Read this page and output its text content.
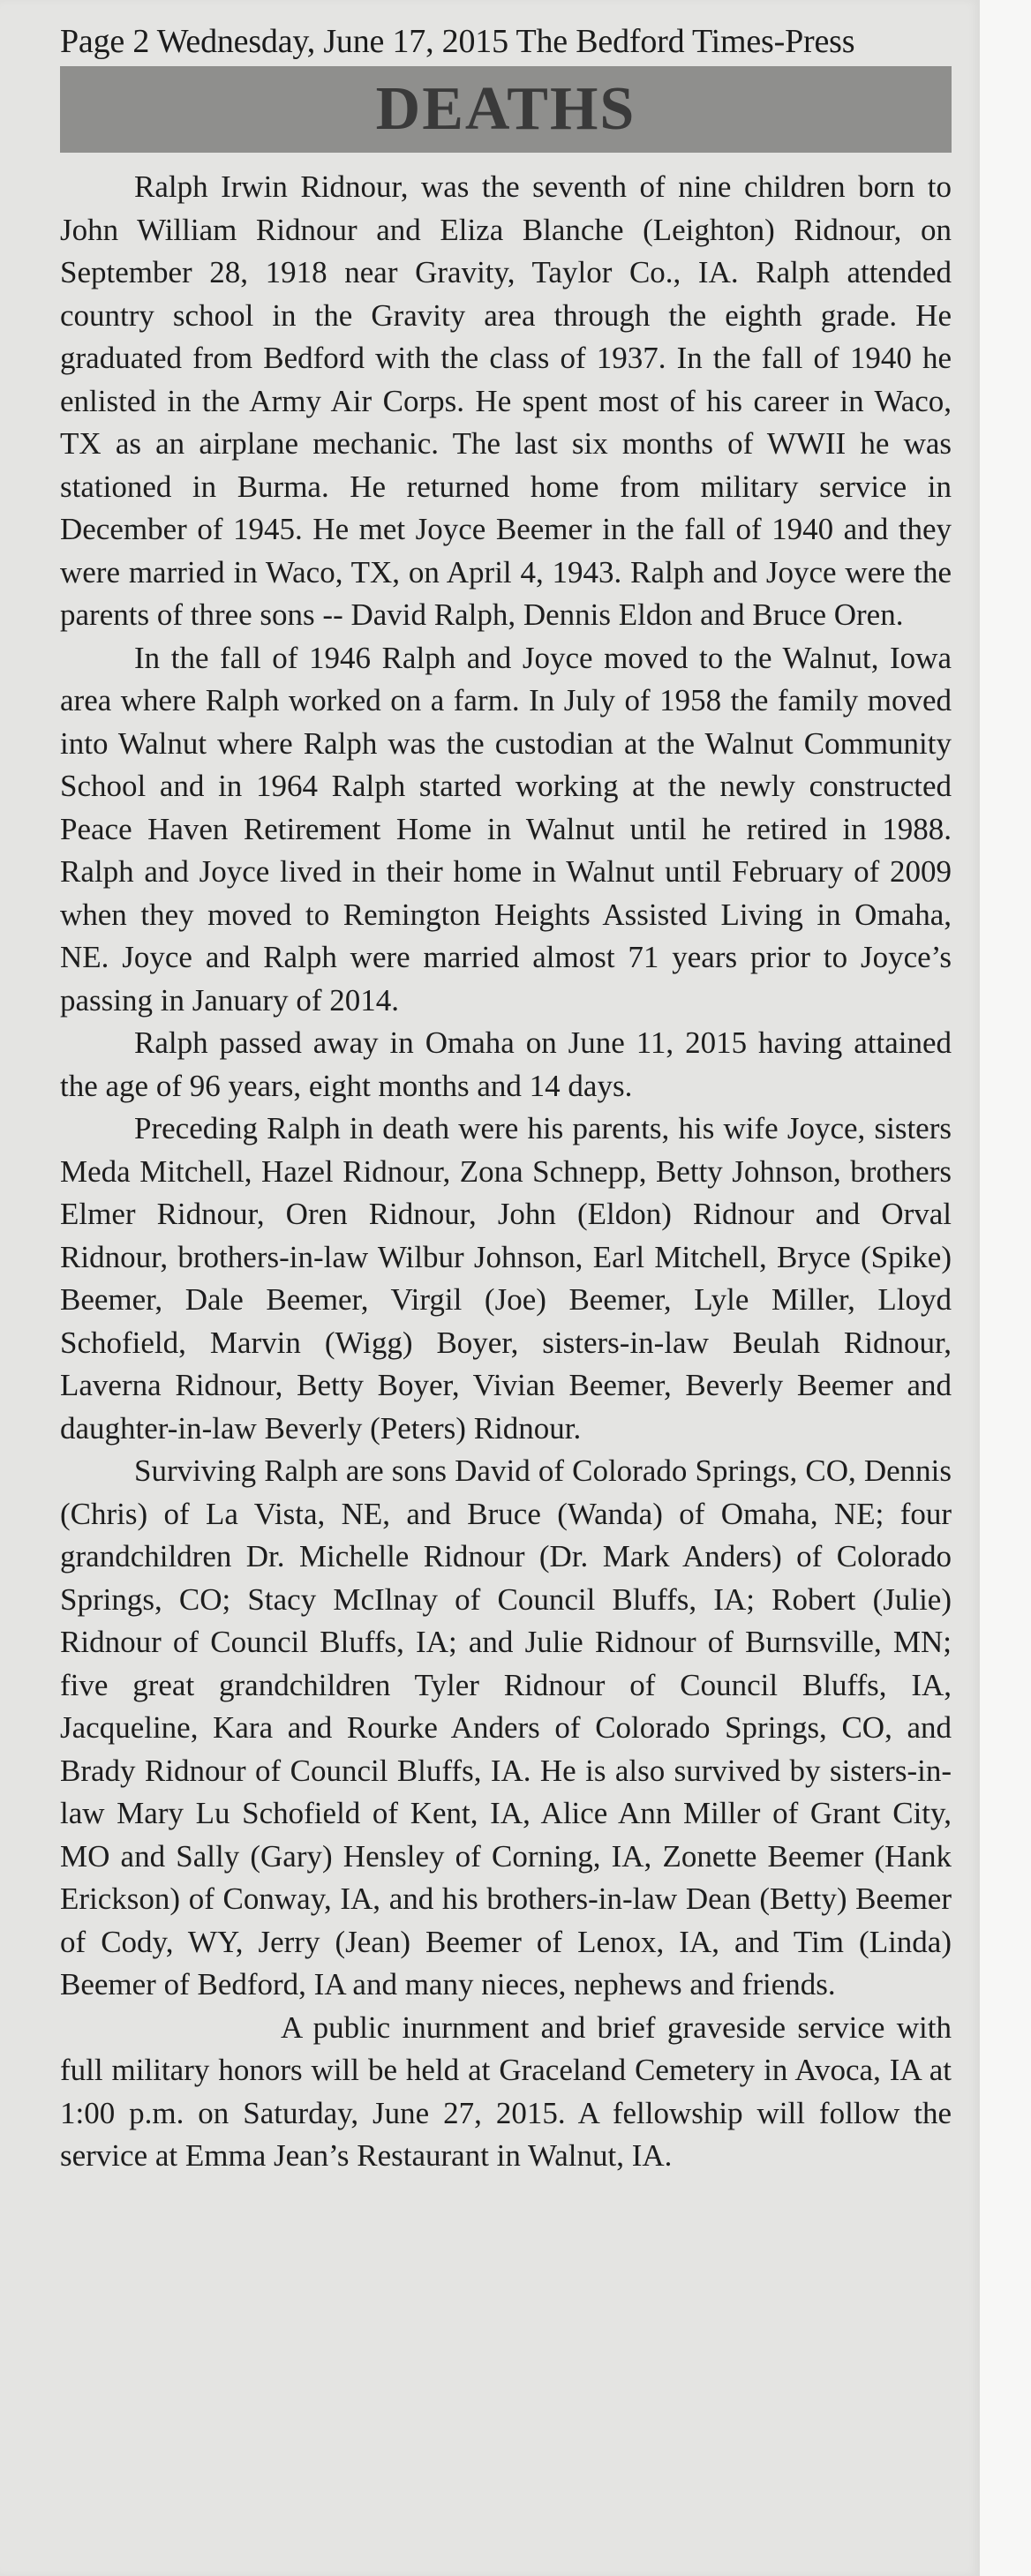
Page 2 Wednesday, June 17, 2015 The Bedford Times-Press
DEATHS

Ralph Irwin Ridnour, was the seventh of nine children born to John William Ridnour and Eliza Blanche (Leighton) Ridnour, on September 28, 1918 near Gravity, Taylor Co., IA. Ralph attended country school in the Gravity area through the eighth grade. He graduated from Bedford with the class of 1937. In the fall of 1940 he enlisted in the Army Air Corps. He spent most of his career in Waco, TX as an airplane mechanic. The last six months of WWII he was stationed in Burma. He returned home from military service in December of 1945. He met Joyce Beemer in the fall of 1940 and they were married in Waco, TX, on April 4, 1943. Ralph and Joyce were the parents of three sons -- David Ralph, Dennis Eldon and Bruce Oren.

In the fall of 1946 Ralph and Joyce moved to the Walnut, Iowa area where Ralph worked on a farm. In July of 1958 the family moved into Walnut where Ralph was the custodian at the Walnut Community School and in 1964 Ralph started working at the newly constructed Peace Haven Retirement Home in Walnut until he retired in 1988. Ralph and Joyce lived in their home in Walnut until February of 2009 when they moved to Remington Heights Assisted Living in Omaha, NE. Joyce and Ralph were married almost 71 years prior to Joyce’s passing in January of 2014.

Ralph passed away in Omaha on June 11, 2015 having attained the age of 96 years, eight months and 14 days.

Preceding Ralph in death were his parents, his wife Joyce, sisters Meda Mitchell, Hazel Ridnour, Zona Schnepp, Betty Johnson, brothers Elmer Ridnour, Oren Ridnour, John (Eldon) Ridnour and Orval Ridnour, brothers-in-law Wilbur Johnson, Earl Mitchell, Bryce (Spike) Beemer, Dale Beemer, Virgil (Joe) Beemer, Lyle Miller, Lloyd Schofield, Marvin (Wigg) Boyer, sisters-in-law Beulah Ridnour, Laverna Ridnour, Betty Boyer, Vivian Beemer, Beverly Beemer and daughter-in-law Beverly (Peters) Ridnour.

Surviving Ralph are sons David of Colorado Springs, CO, Dennis (Chris) of La Vista, NE, and Bruce (Wanda) of Omaha, NE; four grandchildren Dr. Michelle Ridnour (Dr. Mark Anders) of Colorado Springs, CO; Stacy McIlnay of Council Bluffs, IA; Robert (Julie) Ridnour of Council Bluffs, IA; and Julie Ridnour of Burnsville, MN; five great grandchildren Tyler Ridnour of Council Bluffs, IA, Jacqueline, Kara and Rourke Anders of Colorado Springs, CO, and Brady Ridnour of Council Bluffs, IA. He is also survived by sisters-in-law Mary Lu Schofield of Kent, IA, Alice Ann Miller of Grant City, MO and Sally (Gary) Hensley of Corning, IA, Zonette Beemer (Hank Erickson) of Conway, IA, and his brothers-in-law Dean (Betty) Beemer of Cody, WY, Jerry (Jean) Beemer of Lenox, IA, and Tim (Linda) Beemer of Bedford, IA and many nieces, nephews and friends.

A public inurnment and brief graveside service with full military honors will be held at Graceland Cemetery in Avoca, IA at 1:00 p.m. on Saturday, June 27, 2015. A fellowship will follow the service at Emma Jean’s Restaurant in Walnut, IA.
